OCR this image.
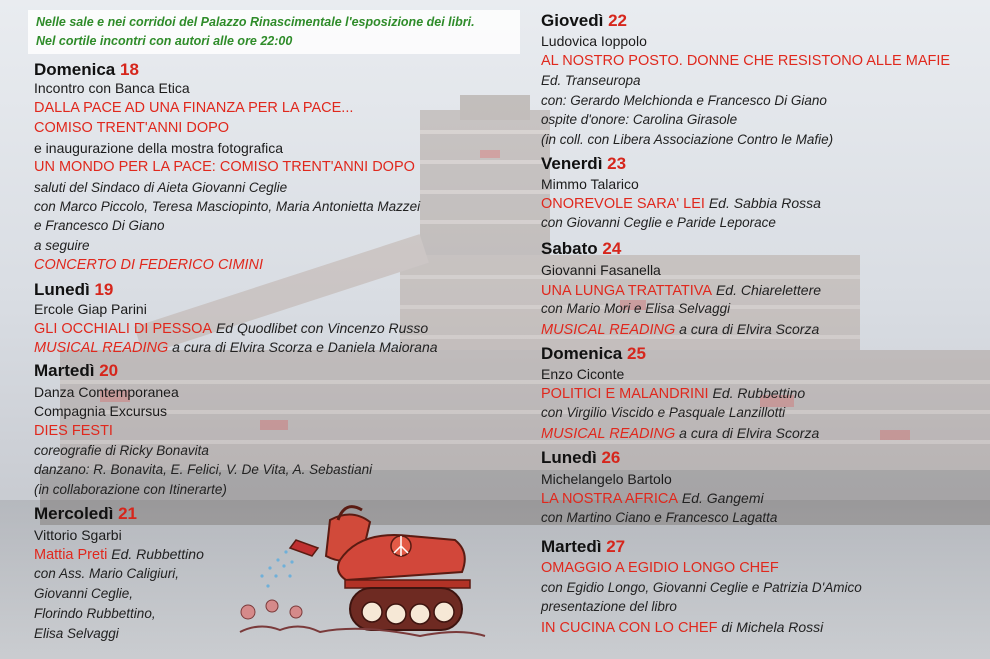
Nelle sale e nei corridoi del Palazzo Rinascimentale l'esposizione dei libri.
Nel cortile incontri con autori alle ore 22:00
Domenica 18
Incontro con Banca Etica
DALLA PACE AD UNA FINANZA PER LA PACE...
COMISO TRENT'ANNI DOPO
e inaugurazione della mostra fotografica
UN MONDO PER LA PACE: COMISO TRENT'ANNI DOPO
saluti del Sindaco di Aieta Giovanni Ceglie
con Marco Piccolo, Teresa Masciopinto, Maria Antonietta Mazzei
e Francesco Di Giano
a seguire
CONCERTO DI FEDERICO CIMINI
Lunedì 19
Ercole Giap Parini
GLI OCCHIALI DI PESSOA Ed Quodlibet con Vincenzo Russo
MUSICAL READING a cura di Elvira Scorza e Daniela Maiorana
Martedì 20
Danza Contemporanea
Compagnia Excursus
DIES FESTI
coreografie di Ricky Bonavita
danzano: R. Bonavita, E. Felici, V. De Vita, A. Sebastiani
(in collaborazione con Itinerarte)
Mercoledì 21
Vittorio Sgarbi
Mattia Preti Ed. Rubbettino
con Ass. Mario Caligiuri,
Giovanni Ceglie,
Florindo Rubbettino,
Elisa Selvaggi
Giovedì 22
Ludovica Ioppolo
AL NOSTRO POSTO. DONNE CHE RESISTONO ALLE MAFIE
Ed. Transeuropa
con: Gerardo Melchionda e Francesco Di Giano
ospite d'onore: Carolina Girasole
(in coll. con Libera Associazione Contro le Mafie)
Venerdì 23
Mimmo Talarico
ONOREVOLE SARA' LEI Ed. Sabbia Rossa
con Giovanni Ceglie e Paride Leporace
Sabato 24
Giovanni Fasanella
UNA LUNGA TRATTATIVA Ed. Chiarelettere
con Mario Mori e Elisa Selvaggi
MUSICAL READING a cura di Elvira Scorza
Domenica 25
Enzo Ciconte
POLITICI E MALANDRINI Ed. Rubbettino
con Virgilio Viscido e Pasquale Lanzillotti
MUSICAL READING a cura di Elvira Scorza
Lunedì 26
Michelangelo Bartolo
LA NOSTRA AFRICA Ed. Gangemi
con Martino Ciano e Francesco Lagatta
Martedì 27
OMAGGIO A EGIDIO LONGO CHEF
con Egidio Longo, Giovanni Ceglie e Patrizia D'Amico
presentazione del libro
IN CUCINA CON LO CHEF di Michela Rossi
